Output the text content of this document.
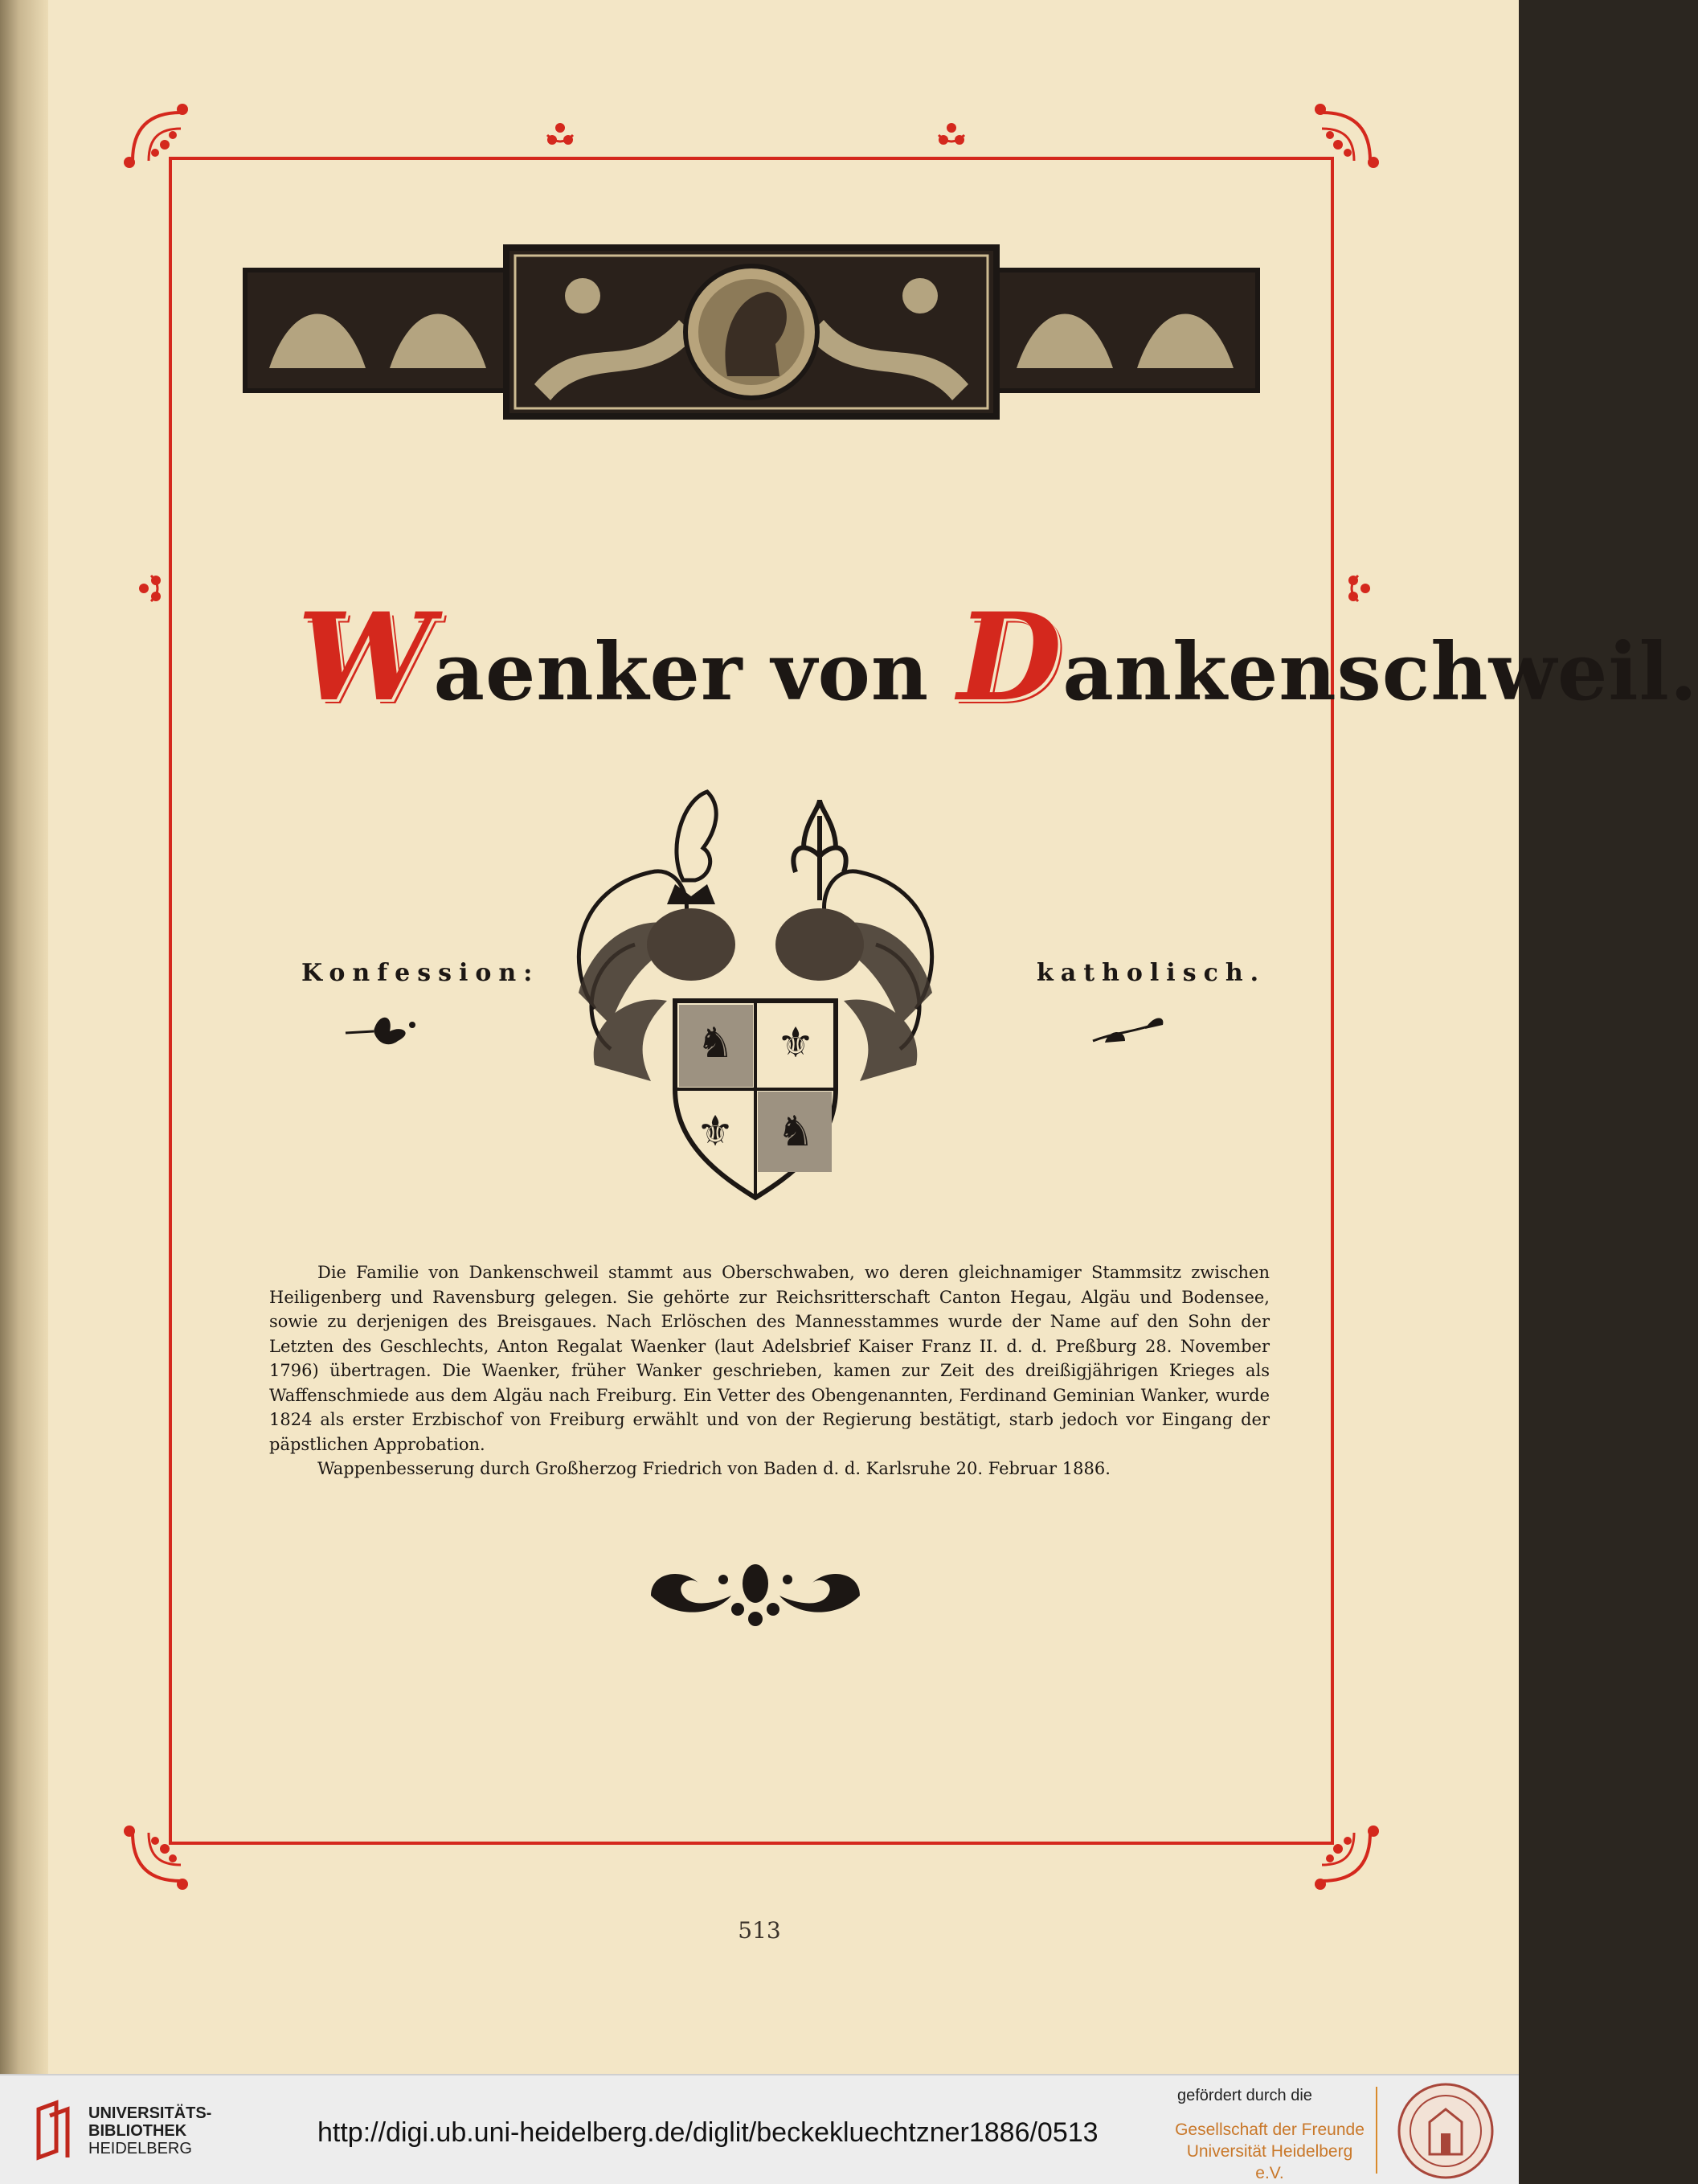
Waenker von Dankenschweil.
Konfession:	katholisch.
♞ ⚜
⚜ ♞

Die Familie von Dankenschweil stammt aus Oberschwaben, wo deren gleichnamiger Stammsitz zwischen Heiligenberg und Ravensburg gelegen. Sie gehörte zur Reichsritterschaft Canton Hegau, Algäu und Bodensee, sowie zu derjenigen des Breisgaues. Nach Erlöschen des Mannesstammes wurde der Name auf den Sohn der Letzten des Geschlechts, Anton Regalat Waenker (laut Adelsbrief Kaiser Franz II. d. d. Preßburg 28. November 1796) übertragen. Die Waenker, früher Wanker geschrieben, kamen zur Zeit des dreißigjährigen Krieges als Waffenschmiede aus dem Algäu nach Freiburg. Ein Vetter des Obengenannten, Ferdinand Geminian Wanker, wurde 1824 als erster Erzbischof von Freiburg erwählt und von der Regierung bestätigt, starb jedoch vor Eingang der päpstlichen Approbation.

Wappenbesserung durch Großherzog Friedrich von Baden d. d. Karlsruhe 20. Februar 1886.

513
UNIVERSITÄTS-
BIBLIOTHEK
HEIDELBERG
http://digi.ub.uni-heidelberg.de/diglit/beckekluechtzner1886/0513
gefördert durch die
Gesellschaft der Freunde
Universität Heidelberg e.V.
